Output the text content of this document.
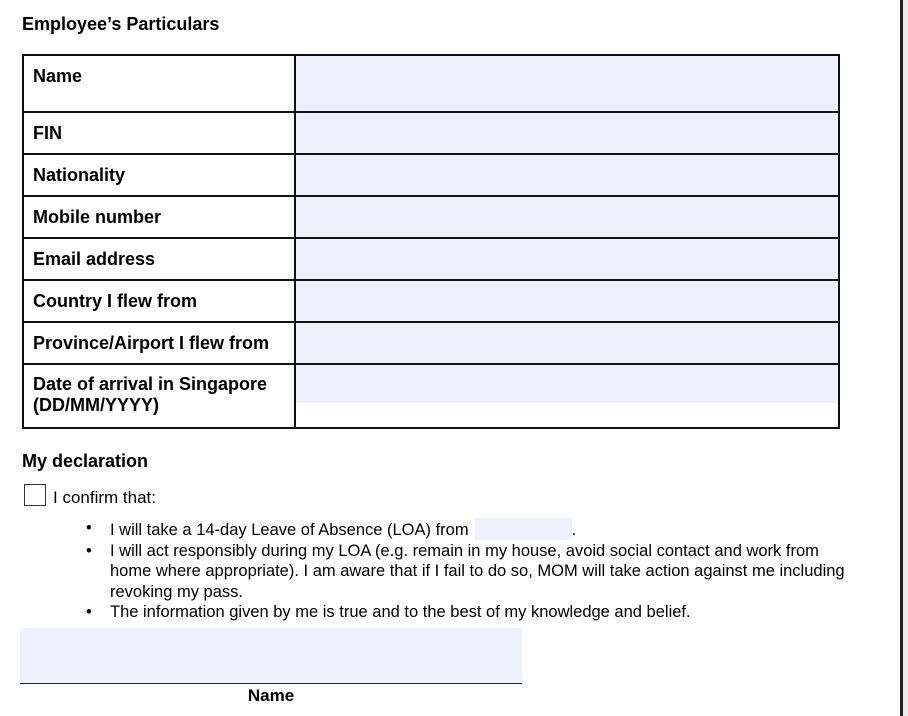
Employee’s Particulars
Name	

FIN	

Nationality	

Mobile number	

Email address	

Country I flew from	

Province/Airport I flew from	

Date of arrival in Singapore
(DD/MM/YYYY)	
My declaration
I confirm that:
• I will take a 14-day Leave of Absence (LOA) from	.
• I will act responsibly during my LOA (e.g. remain in my house, avoid social contact and work from home where appropriate). I am aware that if I fail to do so, MOM will take action against me including revoking my pass.
• The information given by me is true and to the best of my knowledge and belief.
Name
